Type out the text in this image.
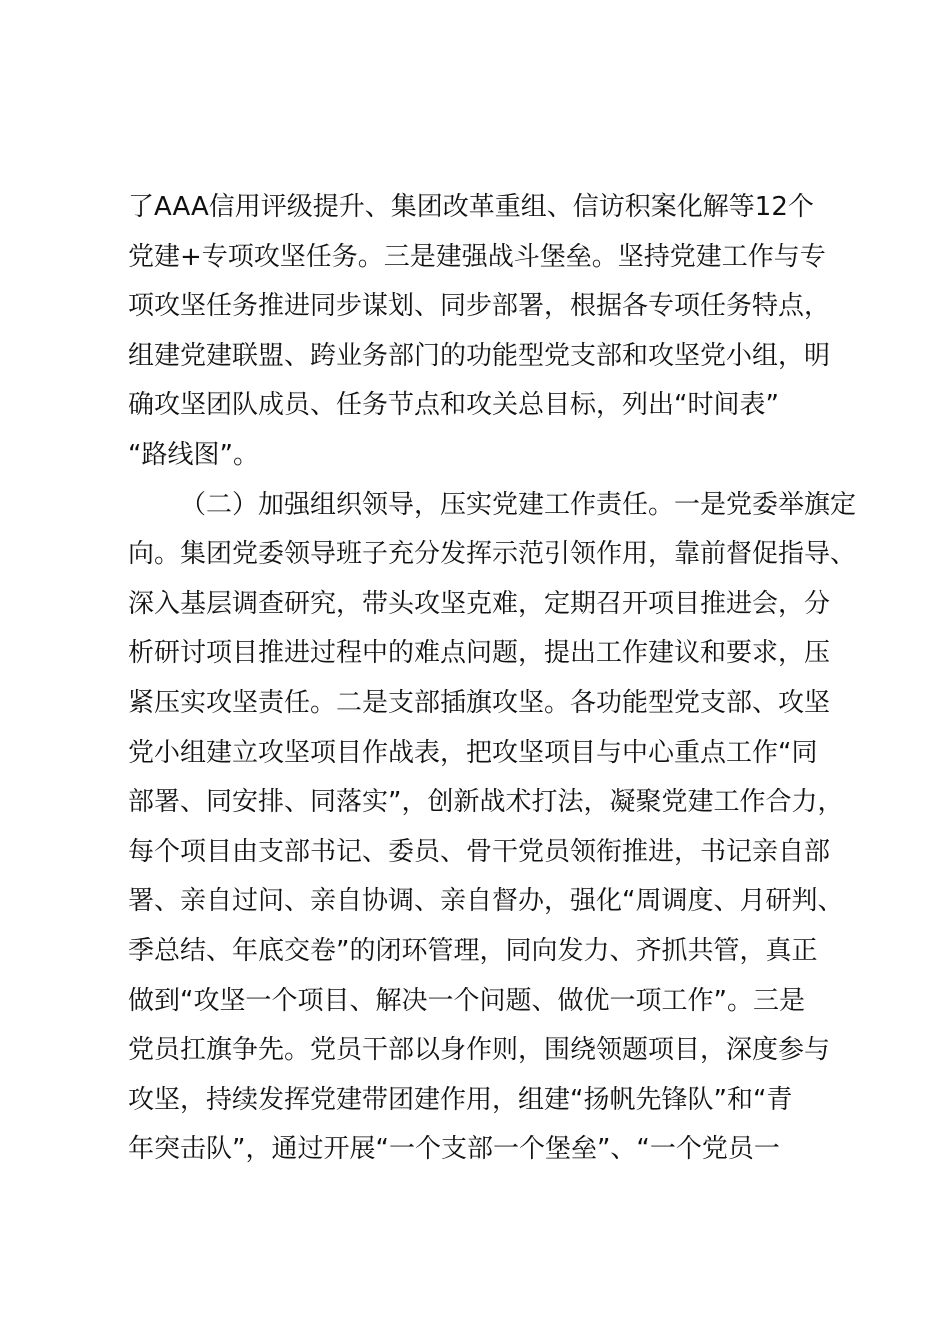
了AAA信用评级提升、集团改革重组、信访积案化解等12个
党建+专项攻坚任务。三是建强战斗堡垒。坚持党建工作与专
项攻坚任务推进同步谋划、同步部署，根据各专项任务特点，
组建党建联盟、跨业务部门的功能型党支部和攻坚党小组，明
确攻坚团队成员、任务节点和攻关总目标，列出“时间表”
“路线图”。
（二）加强组织领导，压实党建工作责任。一是党委举旗定
向。集团党委领导班子充分发挥示范引领作用，靠前督促指导、
深入基层调查研究，带头攻坚克难，定期召开项目推进会，分
析研讨项目推进过程中的难点问题，提出工作建议和要求，压
紧压实攻坚责任。二是支部插旗攻坚。各功能型党支部、攻坚
党小组建立攻坚项目作战表，把攻坚项目与中心重点工作“同
部署、同安排、同落实”，创新战术打法，凝聚党建工作合力，
每个项目由支部书记、委员、骨干党员领衔推进，书记亲自部
署、亲自过问、亲自协调、亲自督办，强化“周调度、月研判、
季总结、年底交卷”的闭环管理，同向发力、齐抓共管，真正
做到“攻坚一个项目、解决一个问题、做优一项工作”。三是
党员扛旗争先。党员干部以身作则，围绕领题项目，深度参与
攻坚，持续发挥党建带团建作用，组建“扬帆先锋队”和“青
年突击队”，通过开展“一个支部一个堡垒”、“一个党员一
